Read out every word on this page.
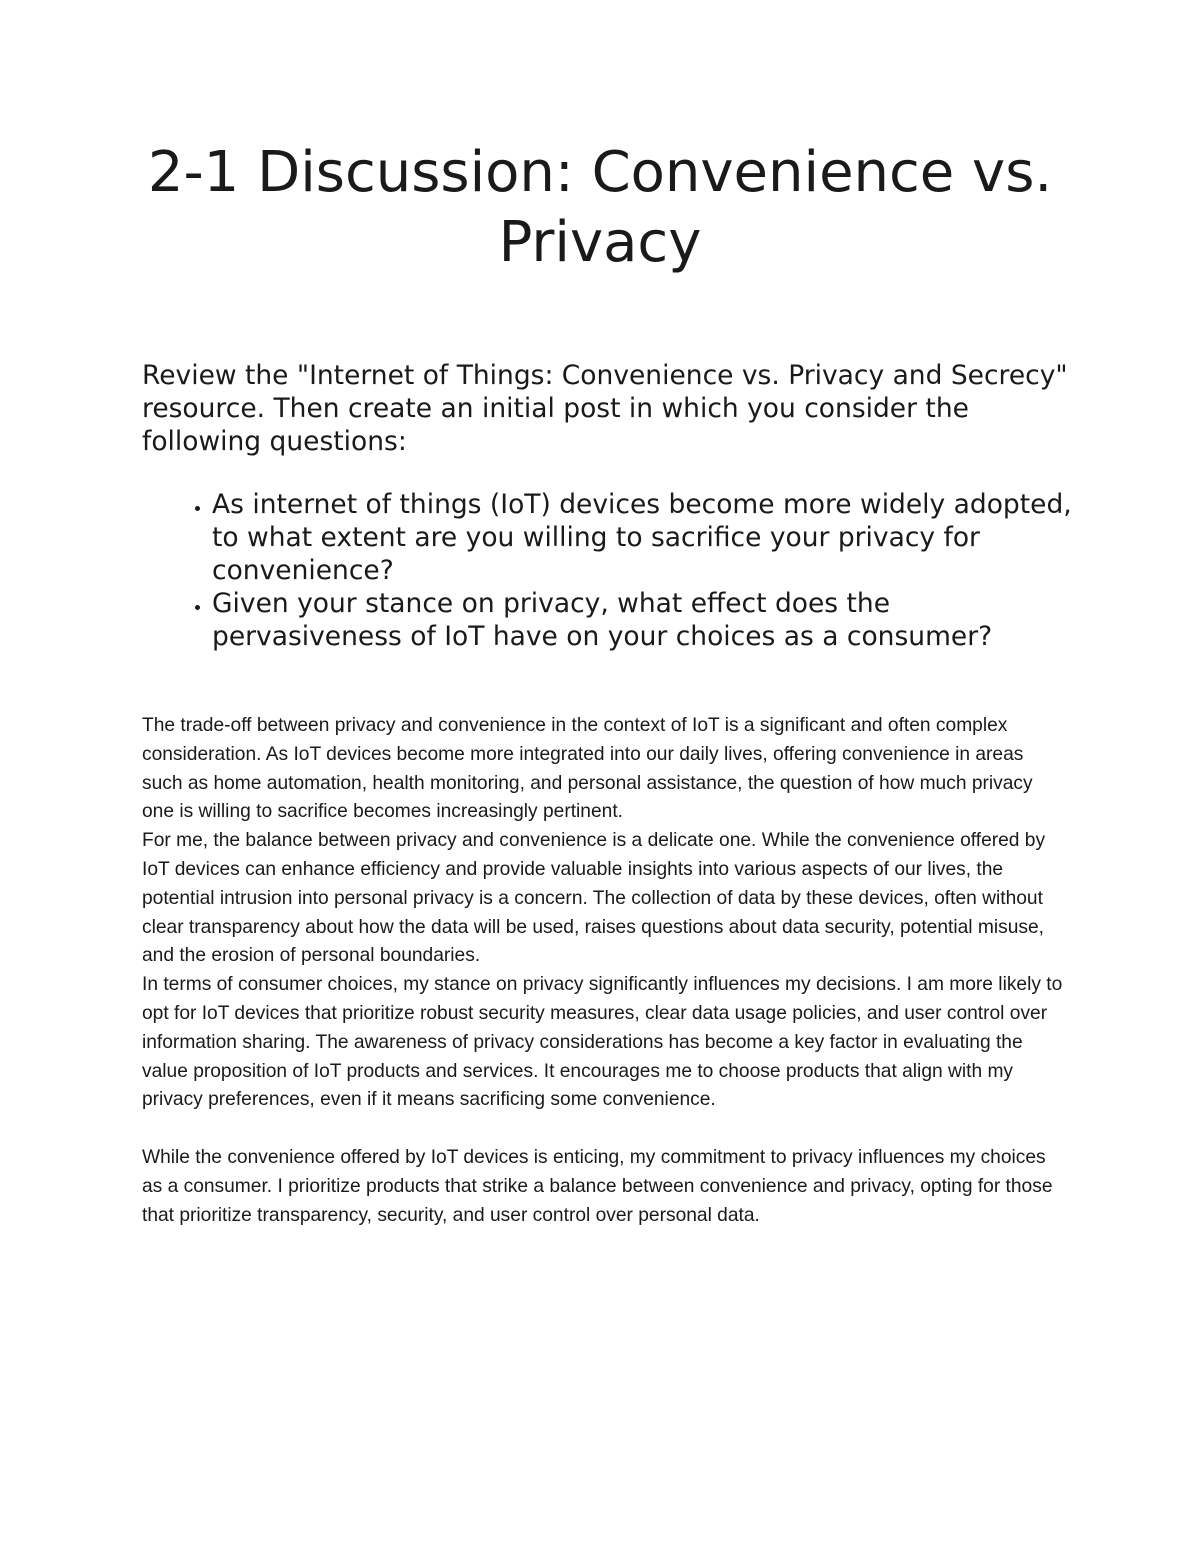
2-1 Discussion: Convenience vs. Privacy

Review the "Internet of Things: Convenience vs. Privacy and Secrecy" resource. Then create an initial post in which you consider the following questions:

• As internet of things (IoT) devices become more widely adopted, to what extent are you willing to sacrifice your privacy for convenience?
• Given your stance on privacy, what effect does the pervasiveness of IoT have on your choices as a consumer?

The trade-off between privacy and convenience in the context of IoT is a significant and often complex consideration. As IoT devices become more integrated into our daily lives, offering convenience in areas such as home automation, health monitoring, and personal assistance, the question of how much privacy one is willing to sacrifice becomes increasingly pertinent.

For me, the balance between privacy and convenience is a delicate one. While the convenience offered by IoT devices can enhance efficiency and provide valuable insights into various aspects of our lives, the potential intrusion into personal privacy is a concern. The collection of data by these devices, often without clear transparency about how the data will be used, raises questions about data security, potential misuse, and the erosion of personal boundaries.

In terms of consumer choices, my stance on privacy significantly influences my decisions. I am more likely to opt for IoT devices that prioritize robust security measures, clear data usage policies, and user control over information sharing. The awareness of privacy considerations has become a key factor in evaluating the value proposition of IoT products and services. It encourages me to choose products that align with my privacy preferences, even if it means sacrificing some convenience.

While the convenience offered by IoT devices is enticing, my commitment to privacy influences my choices as a consumer. I prioritize products that strike a balance between convenience and privacy, opting for those that prioritize transparency, security, and user control over personal data.
